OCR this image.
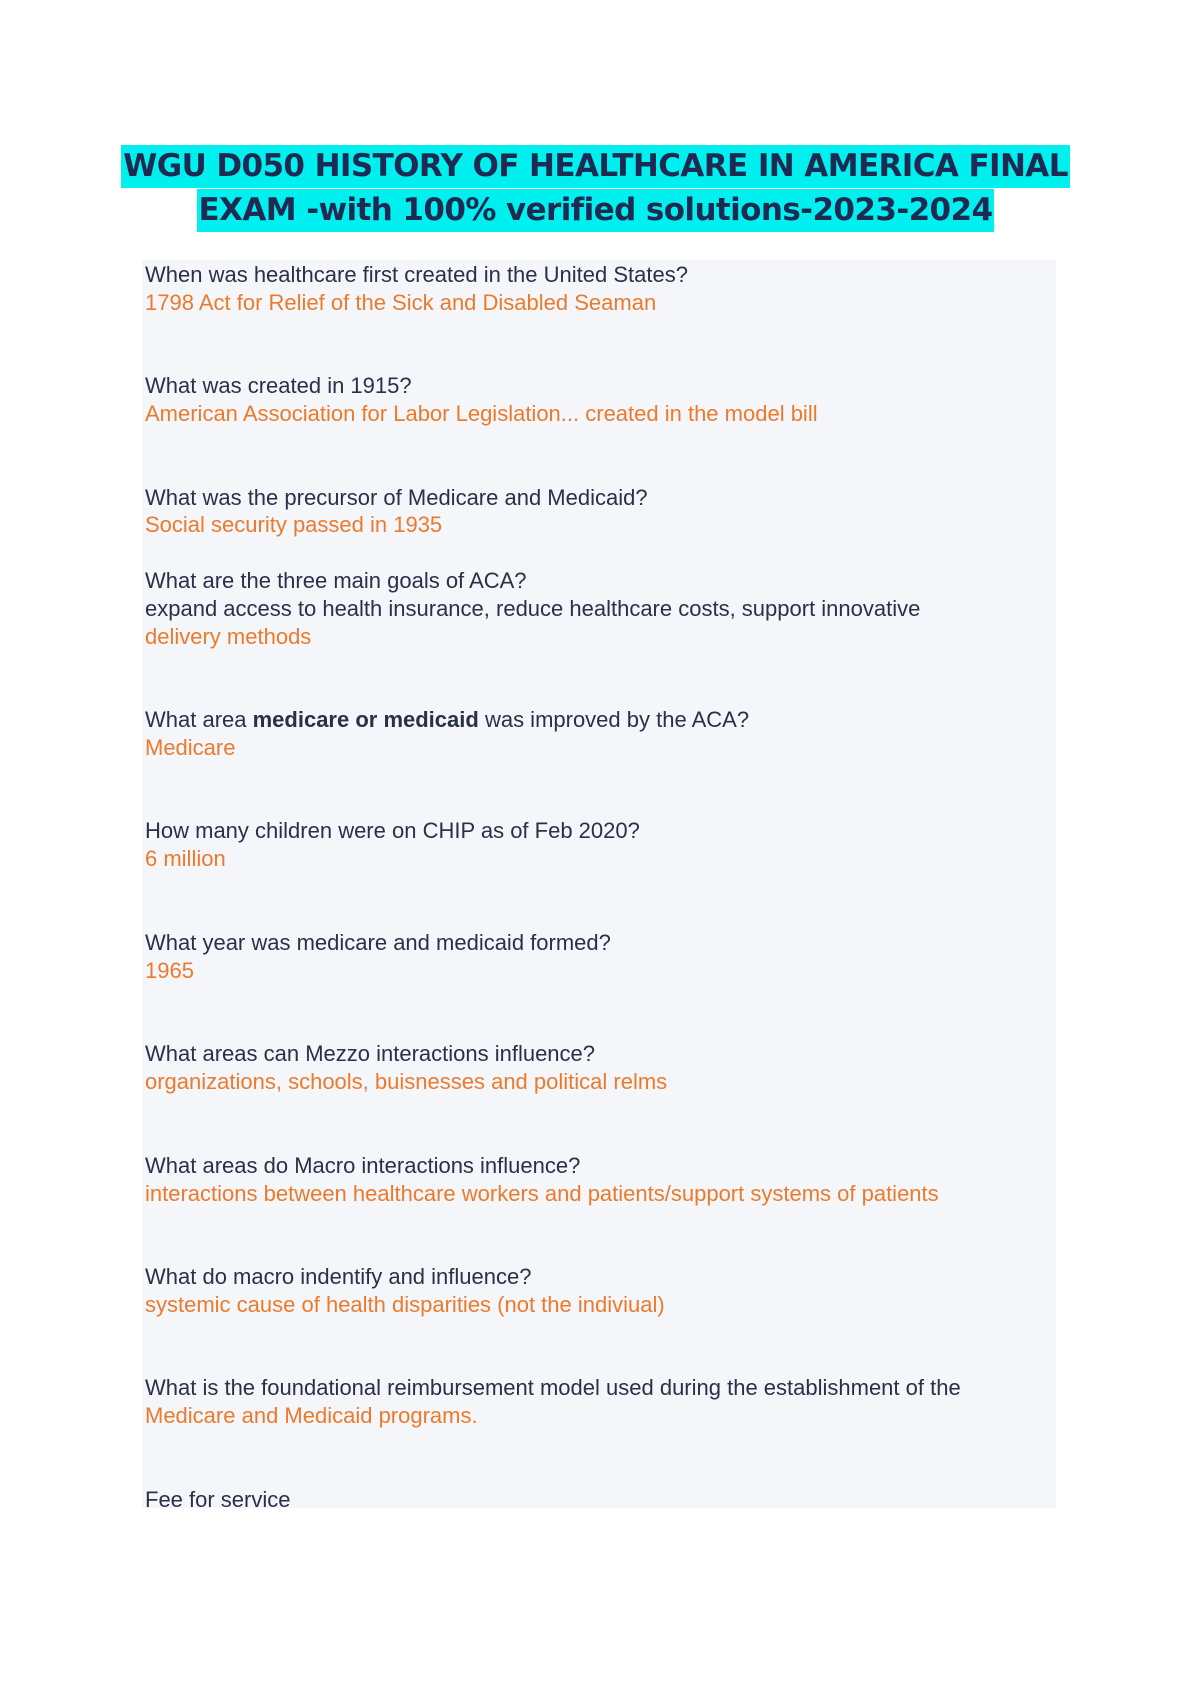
WGU D050 HISTORY OF HEALTHCARE IN AMERICA FINAL
EXAM -with 100% verified solutions-2023-2024

When was healthcare first created in the United States?

1798 Act for Relief of the Sick and Disabled Seaman

What was created in 1915?

American Association for Labor Legislation... created in the model bill

What was the precursor of Medicare and Medicaid?

Social security passed in 1935

What are the three main goals of ACA?

expand access to health insurance, reduce healthcare costs, support innovative

delivery methods

What area medicare or medicaid was improved by the ACA?

Medicare

How many children were on CHIP as of Feb 2020?

6 million

What year was medicare and medicaid formed?

1965

What areas can Mezzo interactions influence?

organizations, schools, buisnesses and political relms

What areas do Macro interactions influence?

interactions between healthcare workers and patients/support systems of patients

What do macro indentify and influence?

systemic cause of health disparities (not the indiviual)

What is the foundational reimbursement model used during the establishment of the

Medicare and Medicaid programs.

Fee for service
